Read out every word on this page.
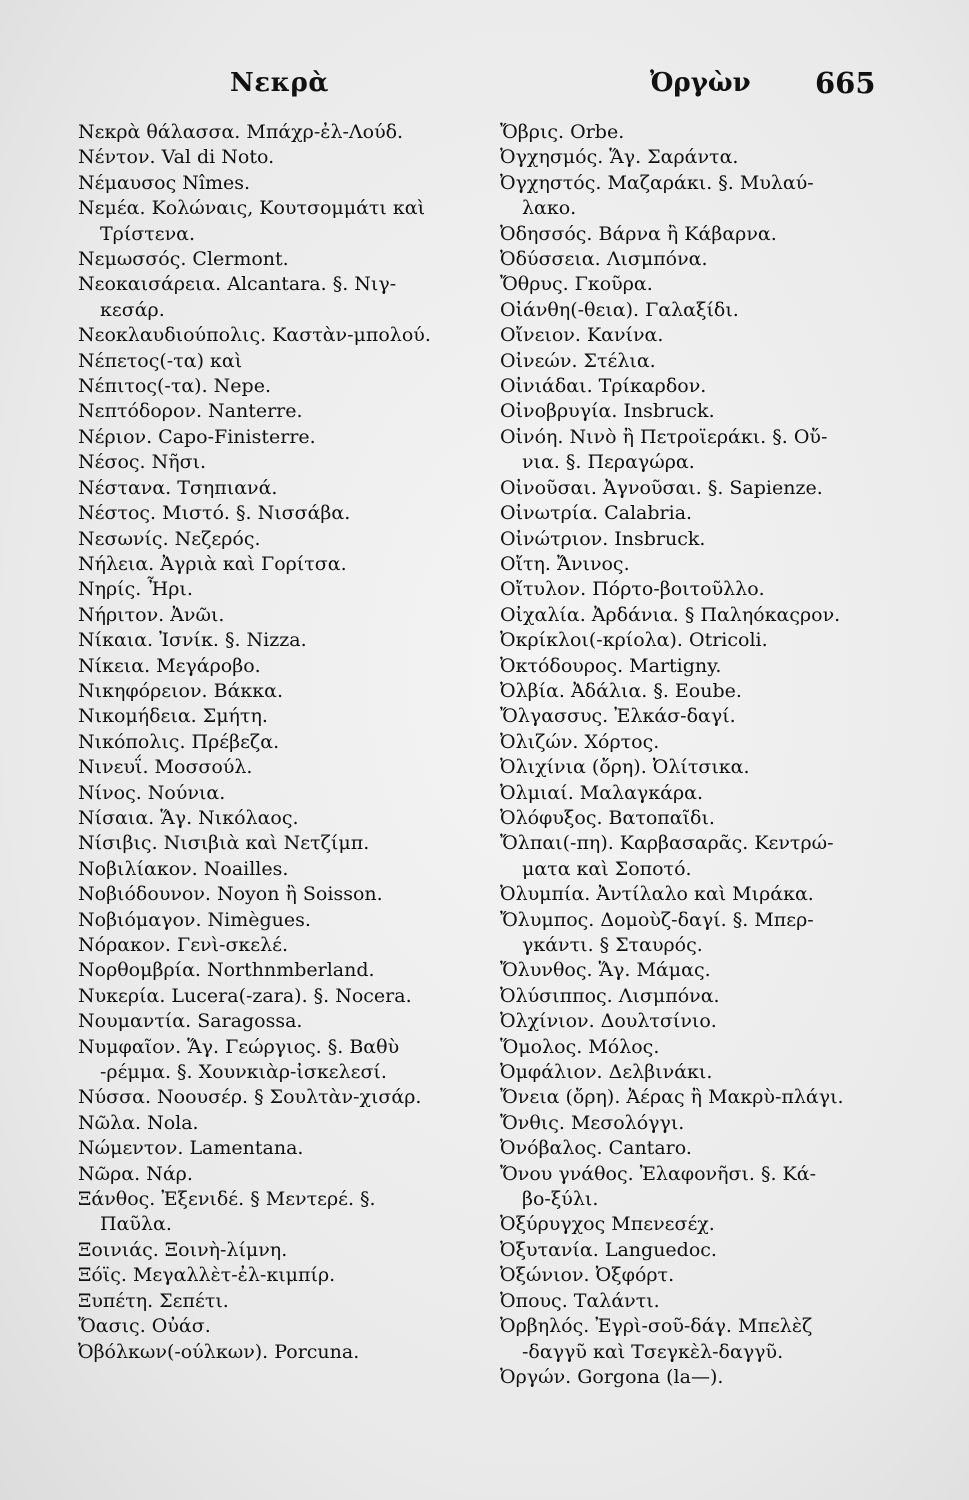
Νεκρὰ	Ὀργὼν 665
Νεκρὰ θάλασσα. Μπάχρ-ἐλ-Λούδ.
Νέντον. Val di Noto.
Νέμαυσος Nîmes.
Νεμέα. Κολώναις, Κουτσομμάτι καὶ
Τρίστενα.
Νεμωσσός. Clermont.
Νεοκαισάρεια. Alcantara. §. Νιγ-
κεσάρ.
Νεοκλαυδιούπολις. Καστὰν-μπολού.
Νέπετος(-τα) καὶ
Νέπιτος(-τα). Nepe.
Νεπτόδορον. Nanterre.
Νέριον. Capo-Finisterre.
Νέσος. Νῆσι.
Νέστανα. Τσηπιανά.
Νέστος. Μιστό. §. Νισσάβα.
Νεσωνίς. Νεζερός.
Νήλεια. Ἀγριὰ καὶ Γορίτσα.
Νηρίς. Ἦρι.
Νήριτον. Ἀνῶι.
Νίκαια. Ἰσνίκ. §. Nizza.
Νίκεια. Μεγάροβο.
Νικηφόρειον. Βάκκα.
Νικομήδεια. Σμήτη.
Νικόπολις. Πρέβεζα.
Νινευΐ. Μοσσούλ.
Νίνος. Νούνια.
Νίσαια. Ἅγ. Νικόλαος.
Νίσιβις. Νισιβιὰ καὶ Νετζίμπ.
Νοβιλίακον. Noailles.
Νοβιόδουνον. Noyon ἢ Soisson.
Νοβιόμαγον. Nimègues.
Νόρακον. Γενὶ-σκελέ.
Νορθομβρία. Northnmberland.
Νυκερία. Lucera(-zara). §. Nocera.
Νουμαντία. Saragossa.
Νυμφαῖον. Ἅγ. Γεώργιος. §. Βαθὺ
-ρέμμα. §. Χουνκιὰρ-ἰσκελεσί.
Νύσσα. Νοουσέρ. § Σουλτὰν-χισάρ.
Νῶλα. Nola.
Νώμεντον. Lamentana.
Νῶρα. Νάρ.
Ξάνθος. Ἐξενιδέ. § Μεντερέ. §.
Παῦλα.
Ξοινιάς. Ξοινὴ-λίμνη.
Ξόϊς. Μεγαλλὲτ-ἐλ-κιμπίρ.
Ξυπέτη. Σεπέτι.
Ὄασις. Οὐάσ.
Ὀβόλκων(-ούλκων). Porcuna.
Ὄβρις. Orbe.
Ὀγχησμός. Ἅγ. Σαράντα.
Ὀγχηστός. Μαζαράκι. §. Μυλαύ-
λακο.
Ὀδησσός. Βάρνα ἢ Κάβαρνα.
Ὀδύσσεια. Λισμπόνα.
Ὄθρυς. Γκοῦρα.
Οἰάνθη(-θεια). Γαλαξίδι.
Οἴνειον. Κανίνα.
Οἰνεών. Στέλια.
Οἰνιάδαι. Τρίκαρδον.
Οἰνοβρυγία. Insbruck.
Οἰνόη. Νινὸ ἢ Πετροϊεράκι. §. Οὔ-
νια. §. Περαγώρα.
Οἰνοῦσαι. Ἀγνοῦσαι. §. Sapienze.
Οἰνωτρία. Calabria.
Οἰνώτριον. Insbruck.
Οἴτη. Ἄνινος.
Οἴτυλον. Πόρτο-βοιτοῦλλο.
Οἰχαλία. Ἀρδάνια. § Παληόκαςρον.
Ὀκρίκλοι(-κρίολα). Otricoli.
Ὀκτόδουρος. Martigny.
Ὀλβία. Ἀδάλια. §. Eoube.
Ὄλγασσυς. Ἐλκάσ-δαγί.
Ὀλιζών. Χόρτος.
Ὀλιχίνια (ὄρη). Ὀλίτσικα.
Ὀλμιαί. Μαλαγκάρα.
Ὀλόφυξος. Βατοπαῖδι.
Ὄλπαι(-πη). Καρβασαρᾶς. Κεντρώ-
ματα καὶ Σοποτό.
Ὀλυμπία. Ἀντίλαλο καὶ Μιράκα.
Ὄλυμπος. Δομοὺζ-δαγί. §. Μπερ-
γκάντι. § Σταυρός.
Ὄλυνθος. Ἅγ. Μάμας.
Ὀλύσιππος. Λισμπόνα.
Ὀλχίνιον. Δουλτσίνιο.
Ὅμολος. Μόλος.
Ὀμφάλιον. Δελβινάκι.
Ὄνεια (ὄρη). Ἀέρας ἢ Μακρὺ-πλάγι.
Ὄνθις. Μεσολόγγι.
Ὀνόβαλος. Cantaro.
Ὄνου γνάθος. Ἐλαφονῆσι. §. Κά-
βο-ξύλι.
Ὀξύρυγχος Μπενεσέχ.
Ὀξυτανία. Languedoc.
Ὀξώνιον. Ὀξφόρτ.
Ὀπους. Ταλάντι.
Ὀρβηλός. Ἐγρὶ-σοῦ-δάγ. Μπελὲζ
-δαγγῦ καὶ Τσεγκὲλ-δαγγῦ.
Ὀργών. Gorgona (la—).
